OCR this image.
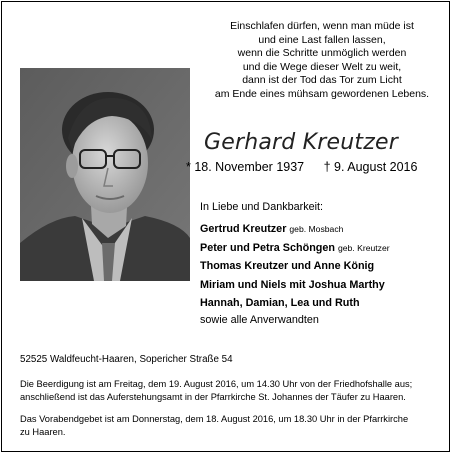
Einschlafen dürfen, wenn man müde ist
und eine Last fallen lassen,
wenn die Schritte unmöglich werden
und die Wege dieser Welt zu weit,
dann ist der Tod das Tor zum Licht
am Ende eines mühsam gewordenen Lebens.
Gerhard Kreutzer
* 18. November 1937 † 9. August 2016
In Liebe und Dankbarkeit:
Gertrud Kreutzer geb. Mosbach
Peter und Petra Schöngen geb. Kreutzer
Thomas Kreutzer und Anne König
Miriam und Niels mit Joshua Marthy
Hannah, Damian, Lea und Ruth
sowie alle Anverwandten
52525 Waldfeucht-Haaren, Sopericher Straße 54
Die Beerdigung ist am Freitag, dem 19. August 2016, um 14.30 Uhr von der Friedhofshalle aus;
anschließend ist das Auferstehungsamt in der Pfarrkirche St. Johannes der Täufer zu Haaren.
Das Vorabendgebet ist am Donnerstag, dem 18. August 2016, um 18.30 Uhr in der Pfarrkirche
zu Haaren.
